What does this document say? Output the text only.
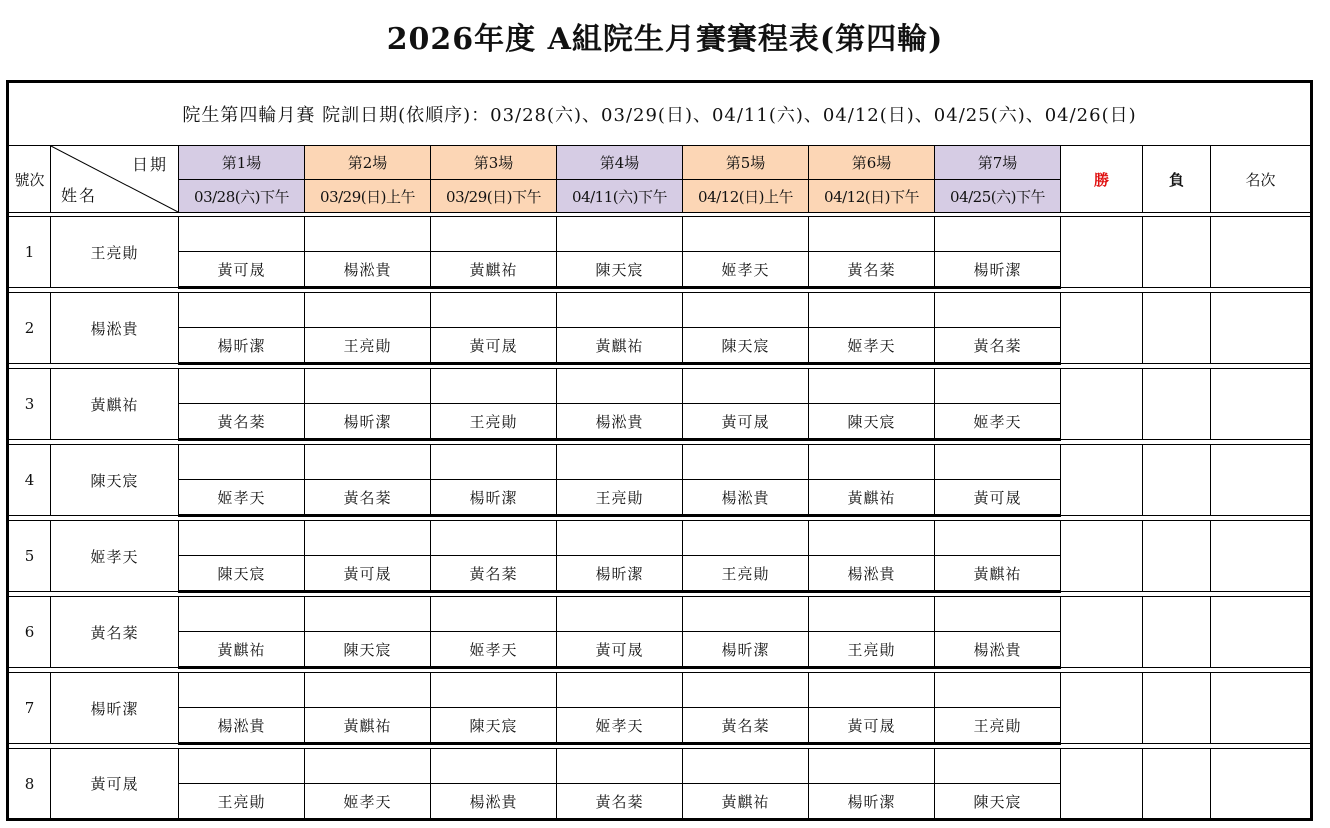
2026年度 A組院生月賽賽程表(第四輪)
院生第四輪月賽 院訓日期(依順序)：03/28(六)、03/29(日)、04/11(六)、04/12(日)、04/25(六)、04/26(日)											
號次	日期
姓名	第1場	第2場	第3場	第4場	第5場	第6場	第7場	勝	負	名次
		03/28(六)下午	03/29(日)上午	03/29(日)下午	04/11(六)下午	04/12(日)上午	04/12(日)下午	04/25(六)下午			

1	王亮勛										
		黃可晟	楊淞貴	黃麒祐	陳天宸	姬孝天	黃名棻	楊昕潔			

2	楊淞貴										
		楊昕潔	王亮勛	黃可晟	黃麒祐	陳天宸	姬孝天	黃名棻			

3	黃麒祐										
		黃名棻	楊昕潔	王亮勛	楊淞貴	黃可晟	陳天宸	姬孝天			

4	陳天宸										
		姬孝天	黃名棻	楊昕潔	王亮勛	楊淞貴	黃麒祐	黃可晟			

5	姬孝天										
		陳天宸	黃可晟	黃名棻	楊昕潔	王亮勛	楊淞貴	黃麒祐			

6	黃名棻										
		黃麒祐	陳天宸	姬孝天	黃可晟	楊昕潔	王亮勛	楊淞貴			

7	楊昕潔										
		楊淞貴	黃麒祐	陳天宸	姬孝天	黃名棻	黃可晟	王亮勛			

8	黃可晟										
		王亮勛	姬孝天	楊淞貴	黃名棻	黃麒祐	楊昕潔	陳天宸			
